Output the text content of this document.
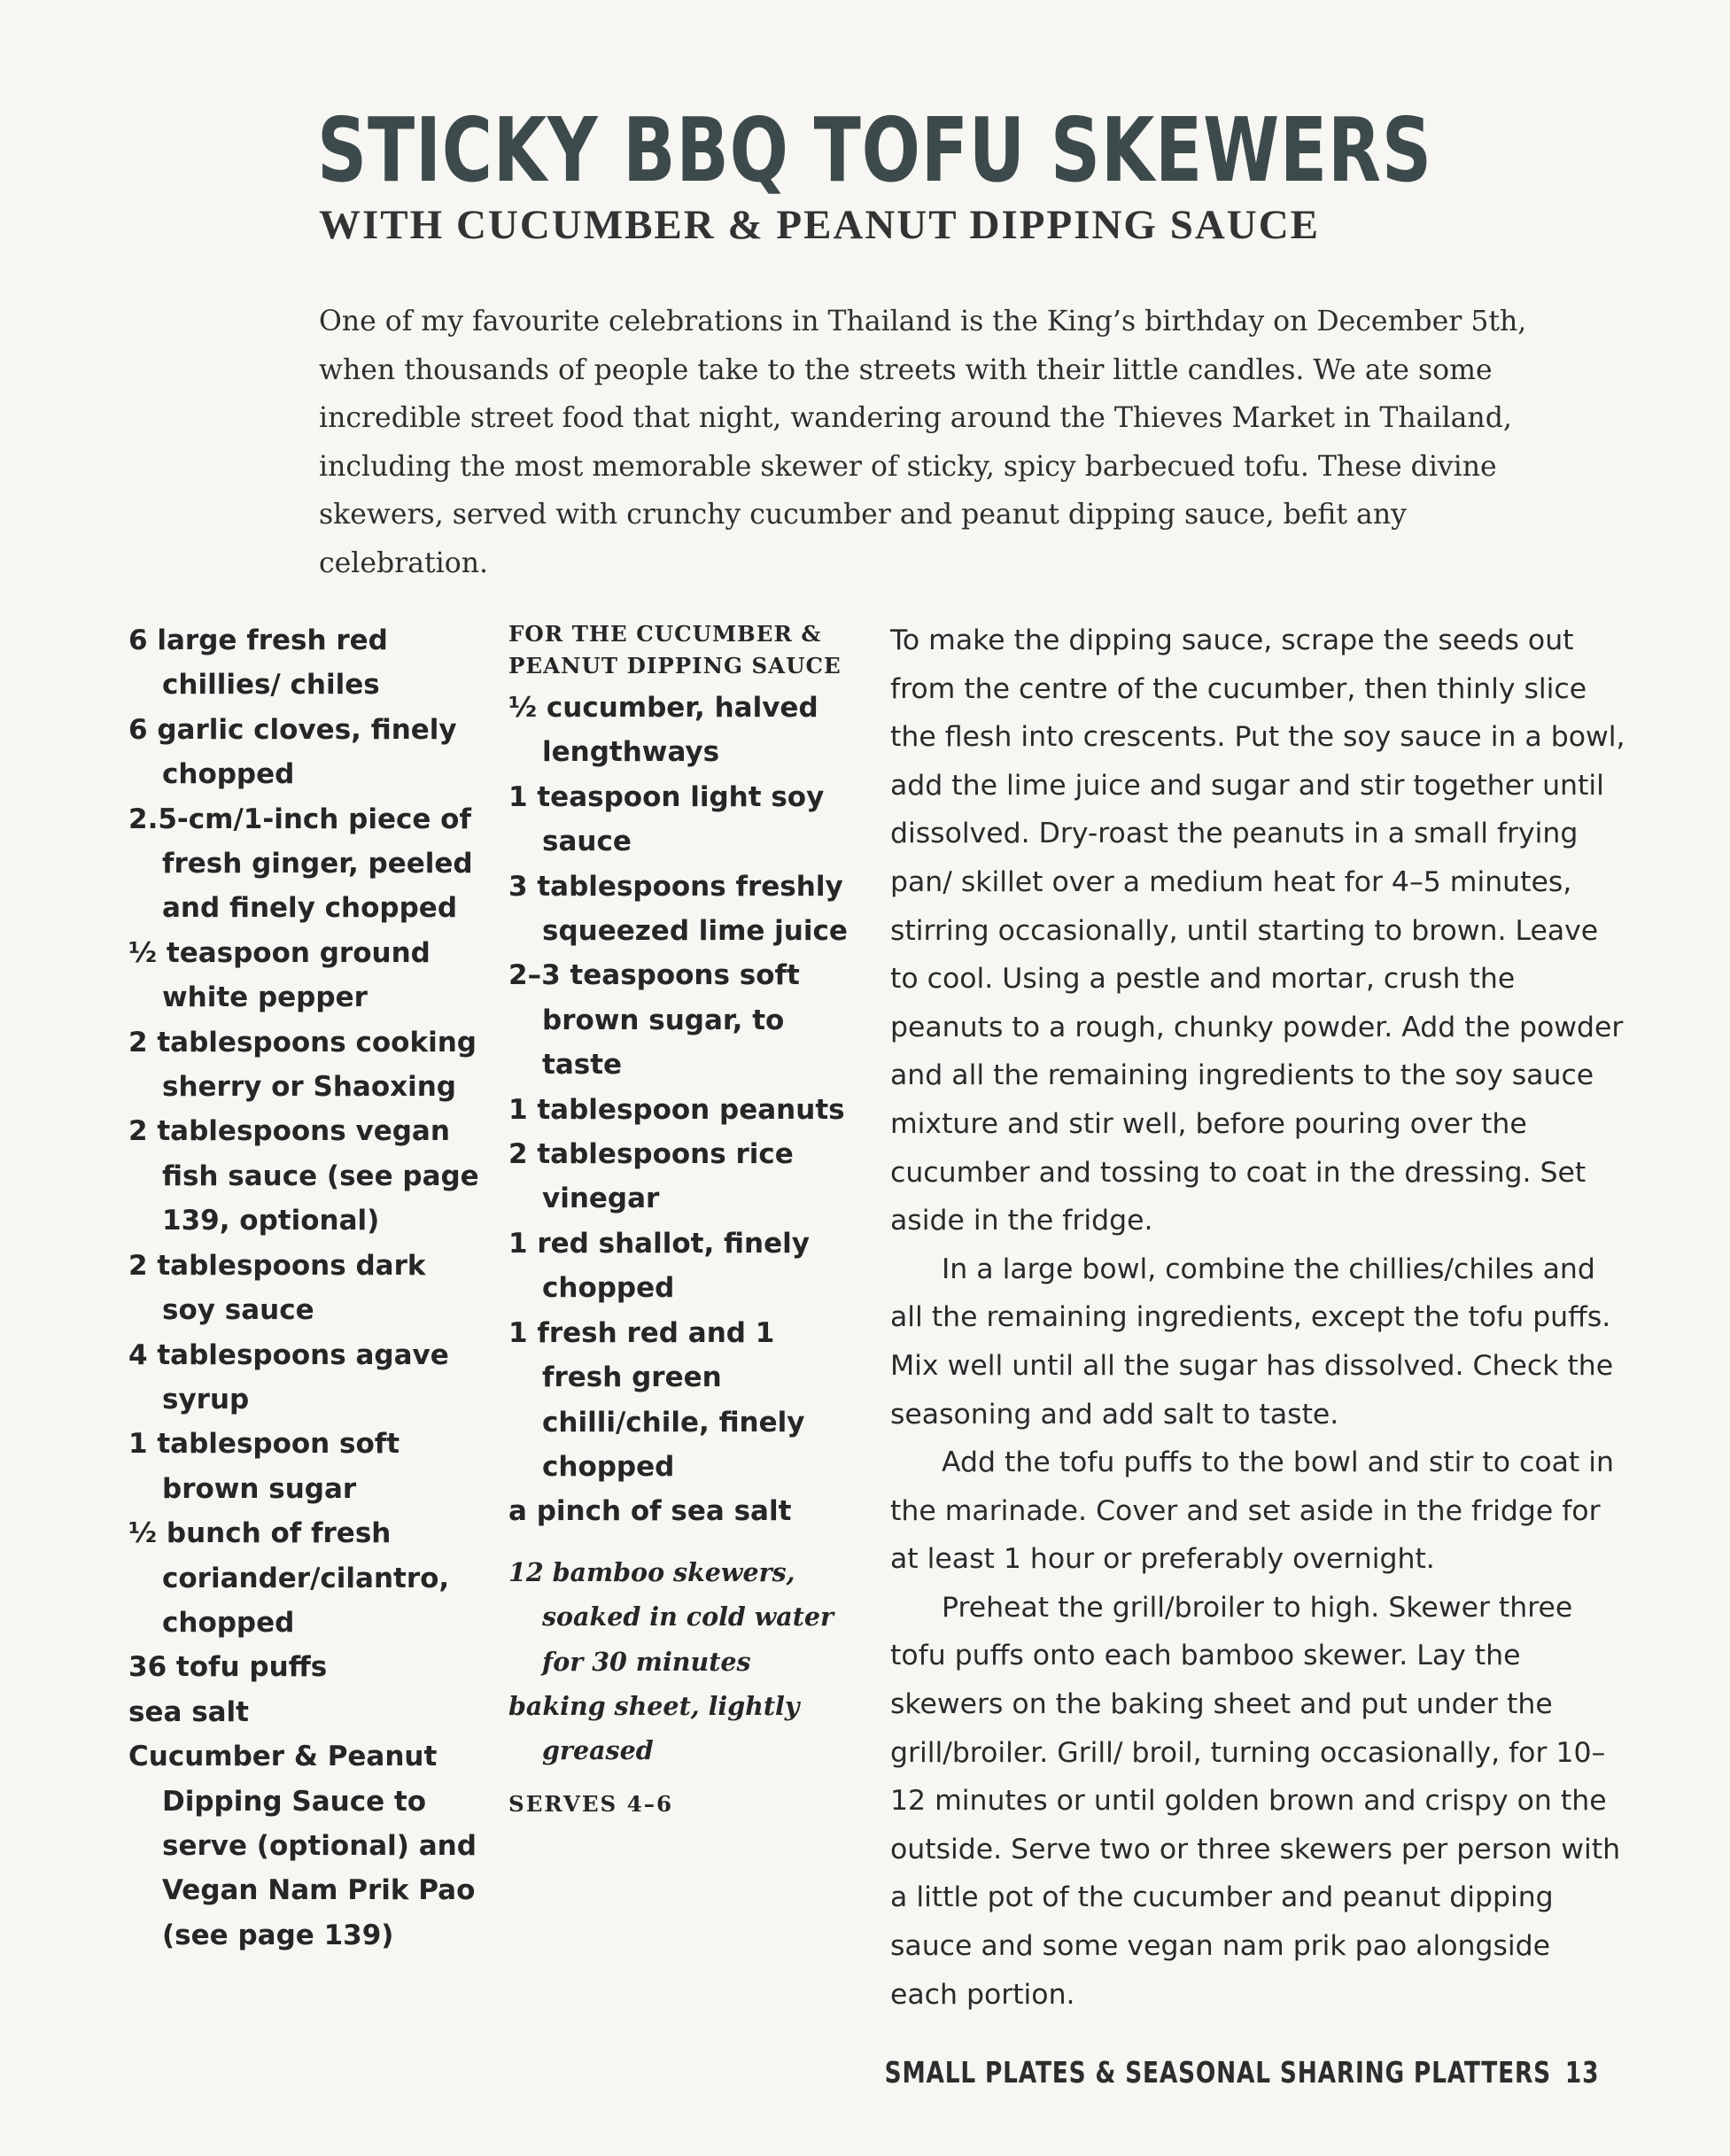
STICKY BBQ TOFU SKEWERS
WITH CUCUMBER & PEANUT DIPPING SAUCE

One of my favourite celebrations in Thailand is the King’s birthday on December 5th, when thousands of people take to the streets with their little candles. We ate some incredible street food that night, wandering around the Thieves Market in Thailand, including the most memorable skewer of sticky, spicy barbecued tofu. These divine skewers, served with crunchy cucumber and peanut dipping sauce, befit any celebration.

6 large fresh red chillies/ chiles
6 garlic cloves, finely chopped
2.5-cm/1-inch piece of fresh ginger, peeled and finely chopped
½ teaspoon ground white pepper
2 tablespoons cooking sherry or Shaoxing
2 tablespoons vegan fish sauce (see page 139, optional)
2 tablespoons dark soy sauce
4 tablespoons agave syrup
1 tablespoon soft brown sugar
½ bunch of fresh coriander/cilantro, chopped
36 tofu puffs
sea salt
Cucumber & Peanut Dipping Sauce to serve (optional) and Vegan Nam Prik Pao (see page 139)
FOR THE CUCUMBER & PEANUT DIPPING SAUCE
½ cucumber, halved lengthways
1 teaspoon light soy sauce
3 tablespoons freshly squeezed lime juice
2–3 teaspoons soft brown sugar, to taste
1 tablespoon peanuts
2 tablespoons rice vinegar
1 red shallot, finely chopped
1 fresh red and 1 fresh green chilli/chile, finely chopped
a pinch of sea salt
12 bamboo skewers, soaked in cold water for 30 minutes
baking sheet, lightly greased
SERVES 4–6

To make the dipping sauce, scrape the seeds out from the centre of the cucumber, then thinly slice the flesh into crescents. Put the soy sauce in a bowl, add the lime juice and sugar and stir together until dissolved. Dry-roast the peanuts in a small frying pan/ skillet over a medium heat for 4–5 minutes, stirring occasionally, until starting to brown. Leave to cool. Using a pestle and mortar, crush the peanuts to a rough, chunky powder. Add the powder and all the remaining ingredients to the soy sauce mixture and stir well, before pouring over the cucumber and tossing to coat in the dressing. Set aside in the fridge.

In a large bowl, combine the chillies/chiles and all the remaining ingredients, except the tofu puffs. Mix well until all the sugar has dissolved. Check the seasoning and add salt to taste.

Add the tofu puffs to the bowl and stir to coat in the marinade. Cover and set aside in the fridge for at least 1 hour or preferably overnight.

Preheat the grill/broiler to high. Skewer three tofu puffs onto each bamboo skewer. Lay the skewers on the baking sheet and put under the grill/broiler. Grill/ broil, turning occasionally, for 10–12 minutes or until golden brown and crispy on the outside. Serve two or three skewers per person with a little pot of the cucumber and peanut dipping sauce and some vegan nam prik pao alongside each portion.

SMALL PLATES & SEASONAL SHARING PLATTERS 13
